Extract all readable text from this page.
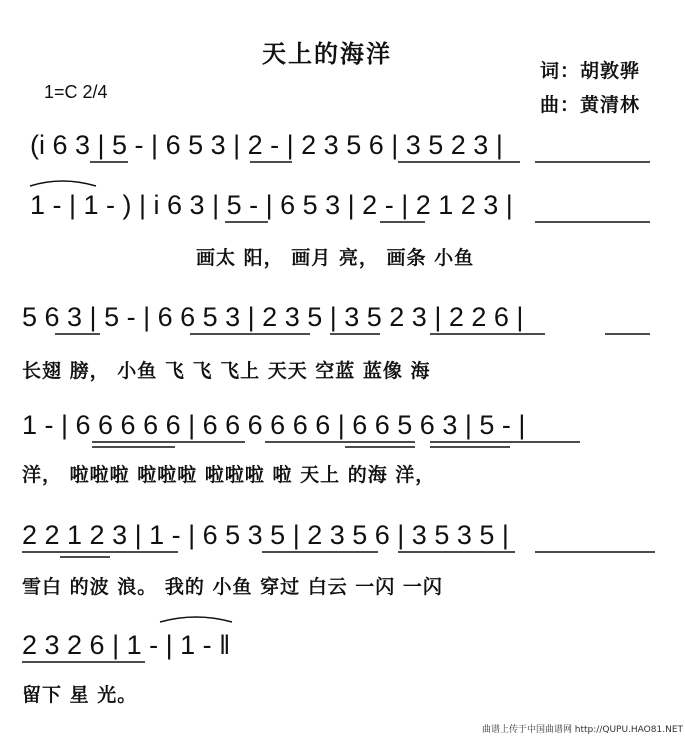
天上的海洋
1=C 2/4
词：胡敦骅
曲：黄清林
(i 6 3 | 5 - | 6 5 3 | 2 - | 2 3 5 6 | 3 5 2 3 |
1 - | 1 - ) | i 6 3 | 5 - | 6 5 3 | 2 - | 2 1 2 3 |
画太 阳， 画月 亮， 画条 小鱼
5 6 3 | 5 - | 6 6 5 3 | 2 3 5 | 3 5 2 3 | 2 2 6 |
长翅 膀， 小鱼 飞 飞 飞上 天天 空蓝 蓝像 海
1 - | 6 6 6 6 6 | 6 6 6 6 6 6 | 6 6 5 6 3 | 5 - |
洋， 啦啦啦 啦啦啦 啦啦啦 啦 天上 的海 洋，
2 2 1 2 3 | 1 - | 6 5 3 5 | 2 3 5 6 | 3 5 3 5 |
雪白 的波 浪。 我的 小鱼 穿过 白云 一闪 一闪
2 3 2 6 | 1 - | 1 - ‖
留下 星 光。
曲谱上传于中国曲谱网 http://QUPU.HAO81.NET
